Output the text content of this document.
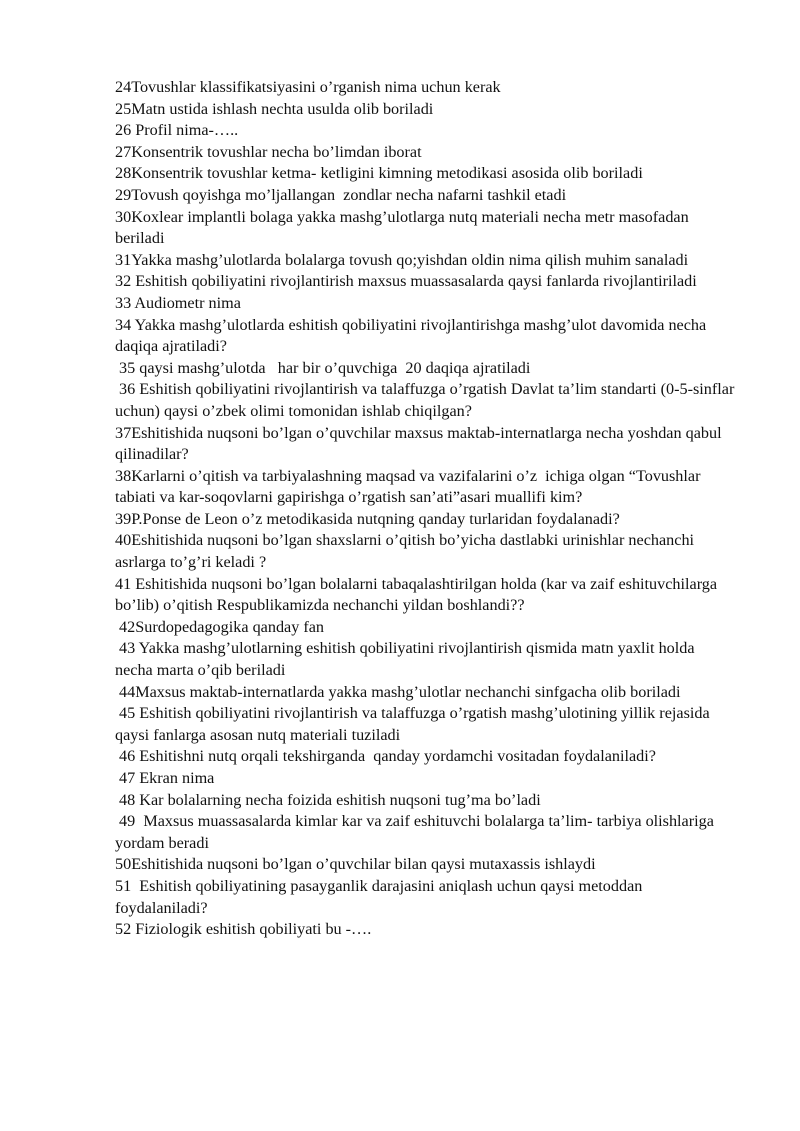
24Tovushlar klassifikatsiyasini o’rganish nima uchun kerak

25Matn ustida ishlash nechta usulda olib boriladi

26 Profil nima-…..

27Konsentrik tovushlar necha bo’limdan iborat

28Konsentrik tovushlar ketma- ketligini kimning metodikasi asosida olib boriladi

29Tovush qoyishga mo’ljallangan  zondlar necha nafarni tashkil etadi

30Koxlear implantli bolaga yakka mashg’ulotlarga nutq materiali necha metr masofadan beriladi

31Yakka mashg’ulotlarda bolalarga tovush qo;yishdan oldin nima qilish muhim sanaladi

32 Eshitish qobiliyatini rivojlantirish maxsus muassasalarda qaysi fanlarda rivojlantiriladi

33 Audiometr nima

34 Yakka mashg’ulotlarda eshitish qobiliyatini rivojlantirishga mashg’ulot davomida necha daqiqa ajratiladi?

35 qaysi mashg’ulotda   har bir o’quvchiga  20 daqiqa ajratiladi

36 Eshitish qobiliyatini rivojlantirish va talaffuzga o’rgatish Davlat ta’lim standarti (0-5-sinflar uchun) qaysi o’zbek olimi tomonidan ishlab chiqilgan?

37Eshitishida nuqsoni bo’lgan o’quvchilar maxsus maktab-internatlarga necha yoshdan qabul qilinadilar?

38Karlarni o’qitish va tarbiyalashning maqsad va vazifalarini o’z  ichiga olgan “Tovushlar tabiati va kar-soqovlarni gapirishga o’rgatish san’ati”asari muallifi kim?

39P.Ponse de Leon o’z metodikasida nutqning qanday turlaridan foydalanadi?

40Eshitishida nuqsoni bo’lgan shaxslarni o’qitish bo’yicha dastlabki urinishlar nechanchi asrlarga to’g’ri keladi ?

41 Eshitishida nuqsoni bo’lgan bolalarni tabaqalashtirilgan holda (kar va zaif eshituvchilarga bo’lib) o’qitish Respublikamizda nechanchi yildan boshlandi??

42Surdopedagogika qanday fan

43 Yakka mashg’ulotlarning eshitish qobiliyatini rivojlantirish qismida matn yaxlit holda necha marta o’qib beriladi

44Maxsus maktab-internatlarda yakka mashg’ulotlar nechanchi sinfgacha olib boriladi

45 Eshitish qobiliyatini rivojlantirish va talaffuzga o’rgatish mashg’ulotining yillik rejasida qaysi fanlarga asosan nutq materiali tuziladi

46 Eshitishni nutq orqali tekshirganda  qanday yordamchi vositadan foydalaniladi?

47 Ekran nima

48 Kar bolalarning necha foizida eshitish nuqsoni tug’ma bo’ladi

49  Maxsus muassasalarda kimlar kar va zaif eshituvchi bolalarga ta’lim- tarbiya olishlariga yordam beradi

50Eshitishida nuqsoni bo’lgan o’quvchilar bilan qaysi mutaxassis ishlaydi

51  Eshitish qobiliyatining pasayganlik darajasini aniqlash uchun qaysi metoddan foydalaniladi?

52 Fiziologik eshitish qobiliyati bu -….
